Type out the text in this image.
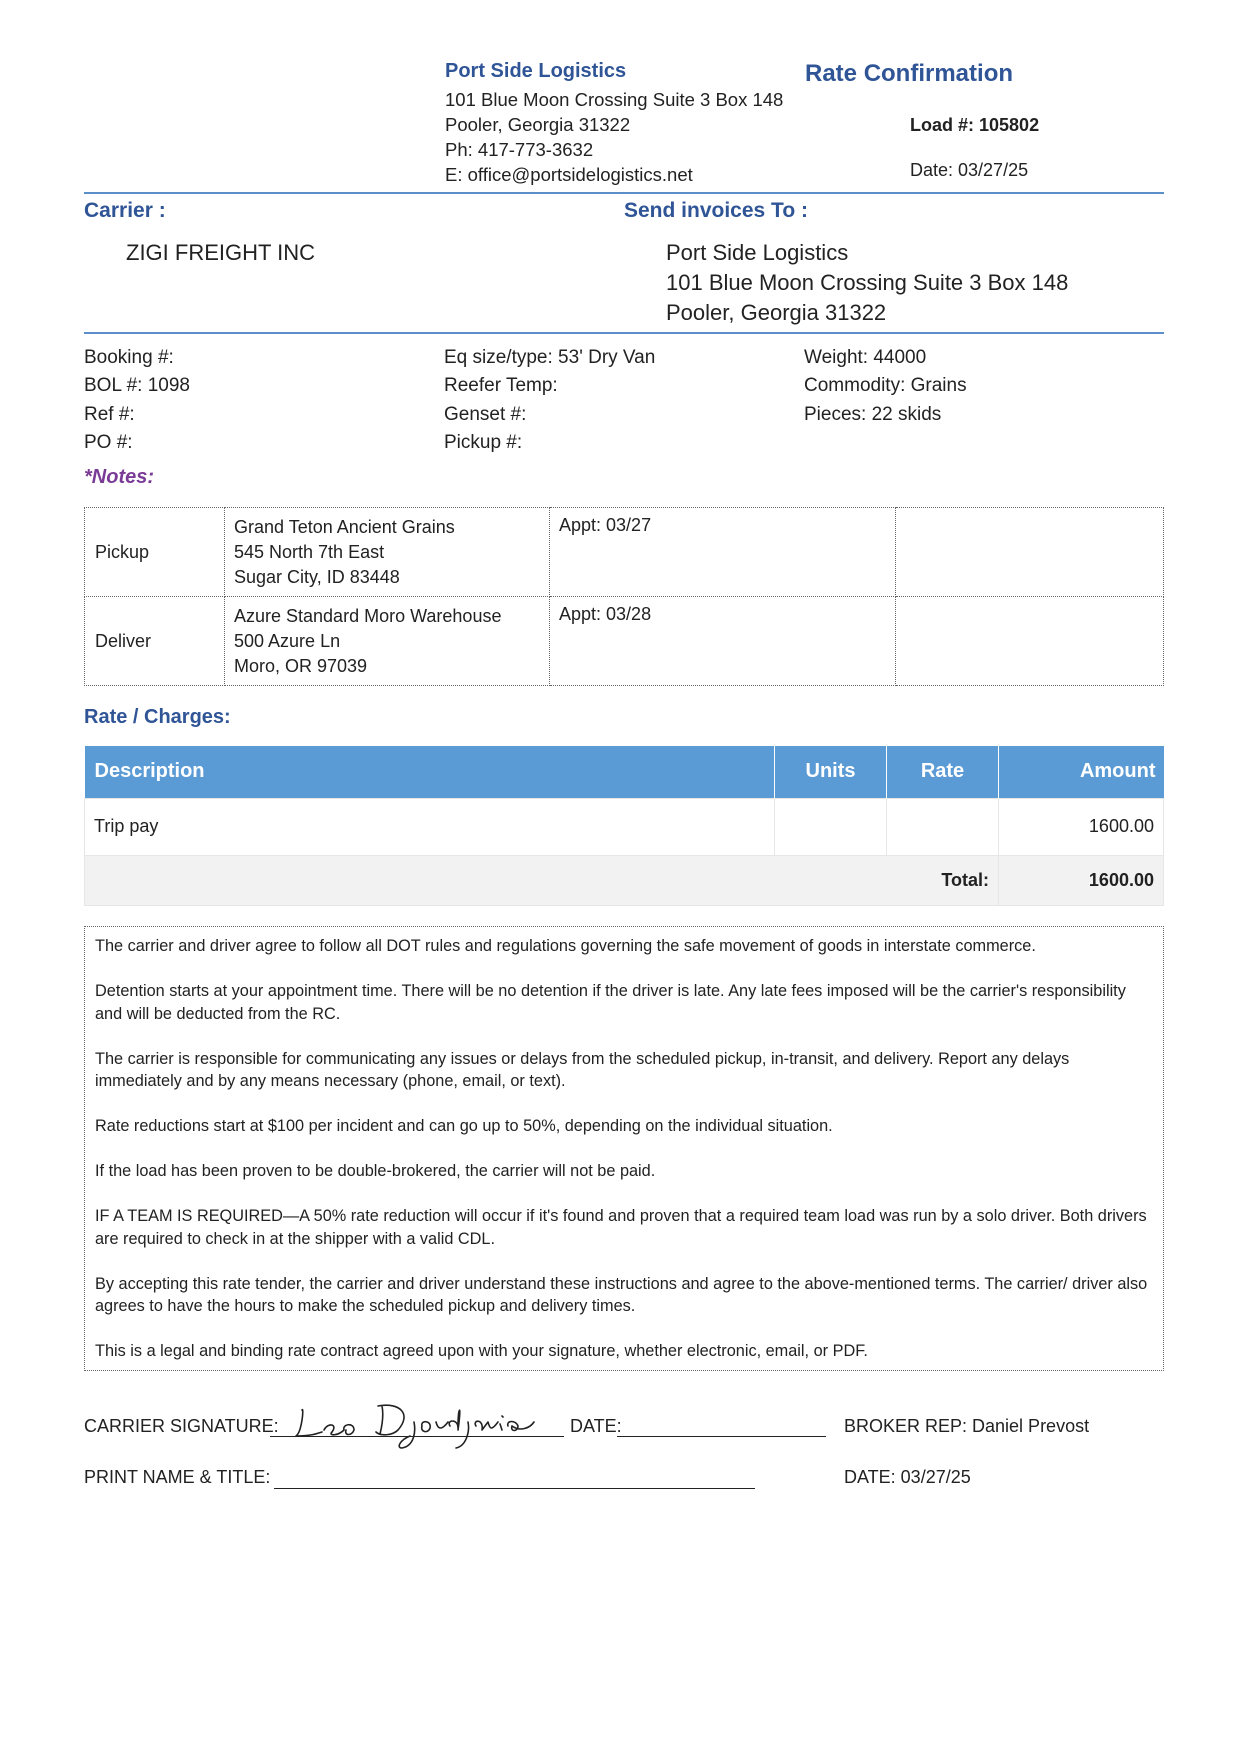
Port Side Logistics
101 Blue Moon Crossing Suite 3 Box 148
Pooler, Georgia 31322
Ph: 417-773-3632
E: office@portsidelogistics.net
Rate Confirmation
Load #: 105802
Date: 03/27/25
Carrier :
ZIGI FREIGHT INC
Send invoices To :
Port Side Logistics
101 Blue Moon Crossing Suite 3 Box 148
Pooler, Georgia 31322
Booking #:
BOL #: 1098
Ref #:
PO #:
Eq size/type: 53' Dry Van
Reefer Temp:
Genset #:
Pickup #:
Weight: 44000
Commodity: Grains
Pieces: 22 skids
*Notes:
Pickup	Grand Teton Ancient Grains
545 North 7th East
Sugar City, ID 83448	Appt: 03/27	
Deliver	Azure Standard Moro Warehouse
500 Azure Ln
Moro, OR 97039	Appt: 03/28	
Rate / Charges:
Description	Units	Rate	Amount
Trip pay			1600.00
Total:			1600.00

The carrier and driver agree to follow all DOT rules and regulations governing the safe movement of goods in interstate commerce.

Detention starts at your appointment time. There will be no detention if the driver is late. Any late fees imposed will be the carrier's responsibility and will be deducted from the RC.

The carrier is responsible for communicating any issues or delays from the scheduled pickup, in-transit, and delivery. Report any delays immediately and by any means necessary (phone, email, or text).

Rate reductions start at $100 per incident and can go up to 50%, depending on the individual situation.

If the load has been proven to be double-brokered, the carrier will not be paid.

IF A TEAM IS REQUIRED—A 50% rate reduction will occur if it's found and proven that a required team load was run by a solo driver. Both drivers are required to check in at the shipper with a valid CDL.

By accepting this rate tender, the carrier and driver understand these instructions and agree to the above-mentioned terms. The carrier/ driver also agrees to have the hours to make the scheduled pickup and delivery times.

This is a legal and binding rate contract agreed upon with your signature, whether electronic, email, or PDF.

CARRIER SIGNATURE:	DATE:	BROKER REP: Daniel Prevost
PRINT NAME & TITLE:	DATE: 03/27/25
